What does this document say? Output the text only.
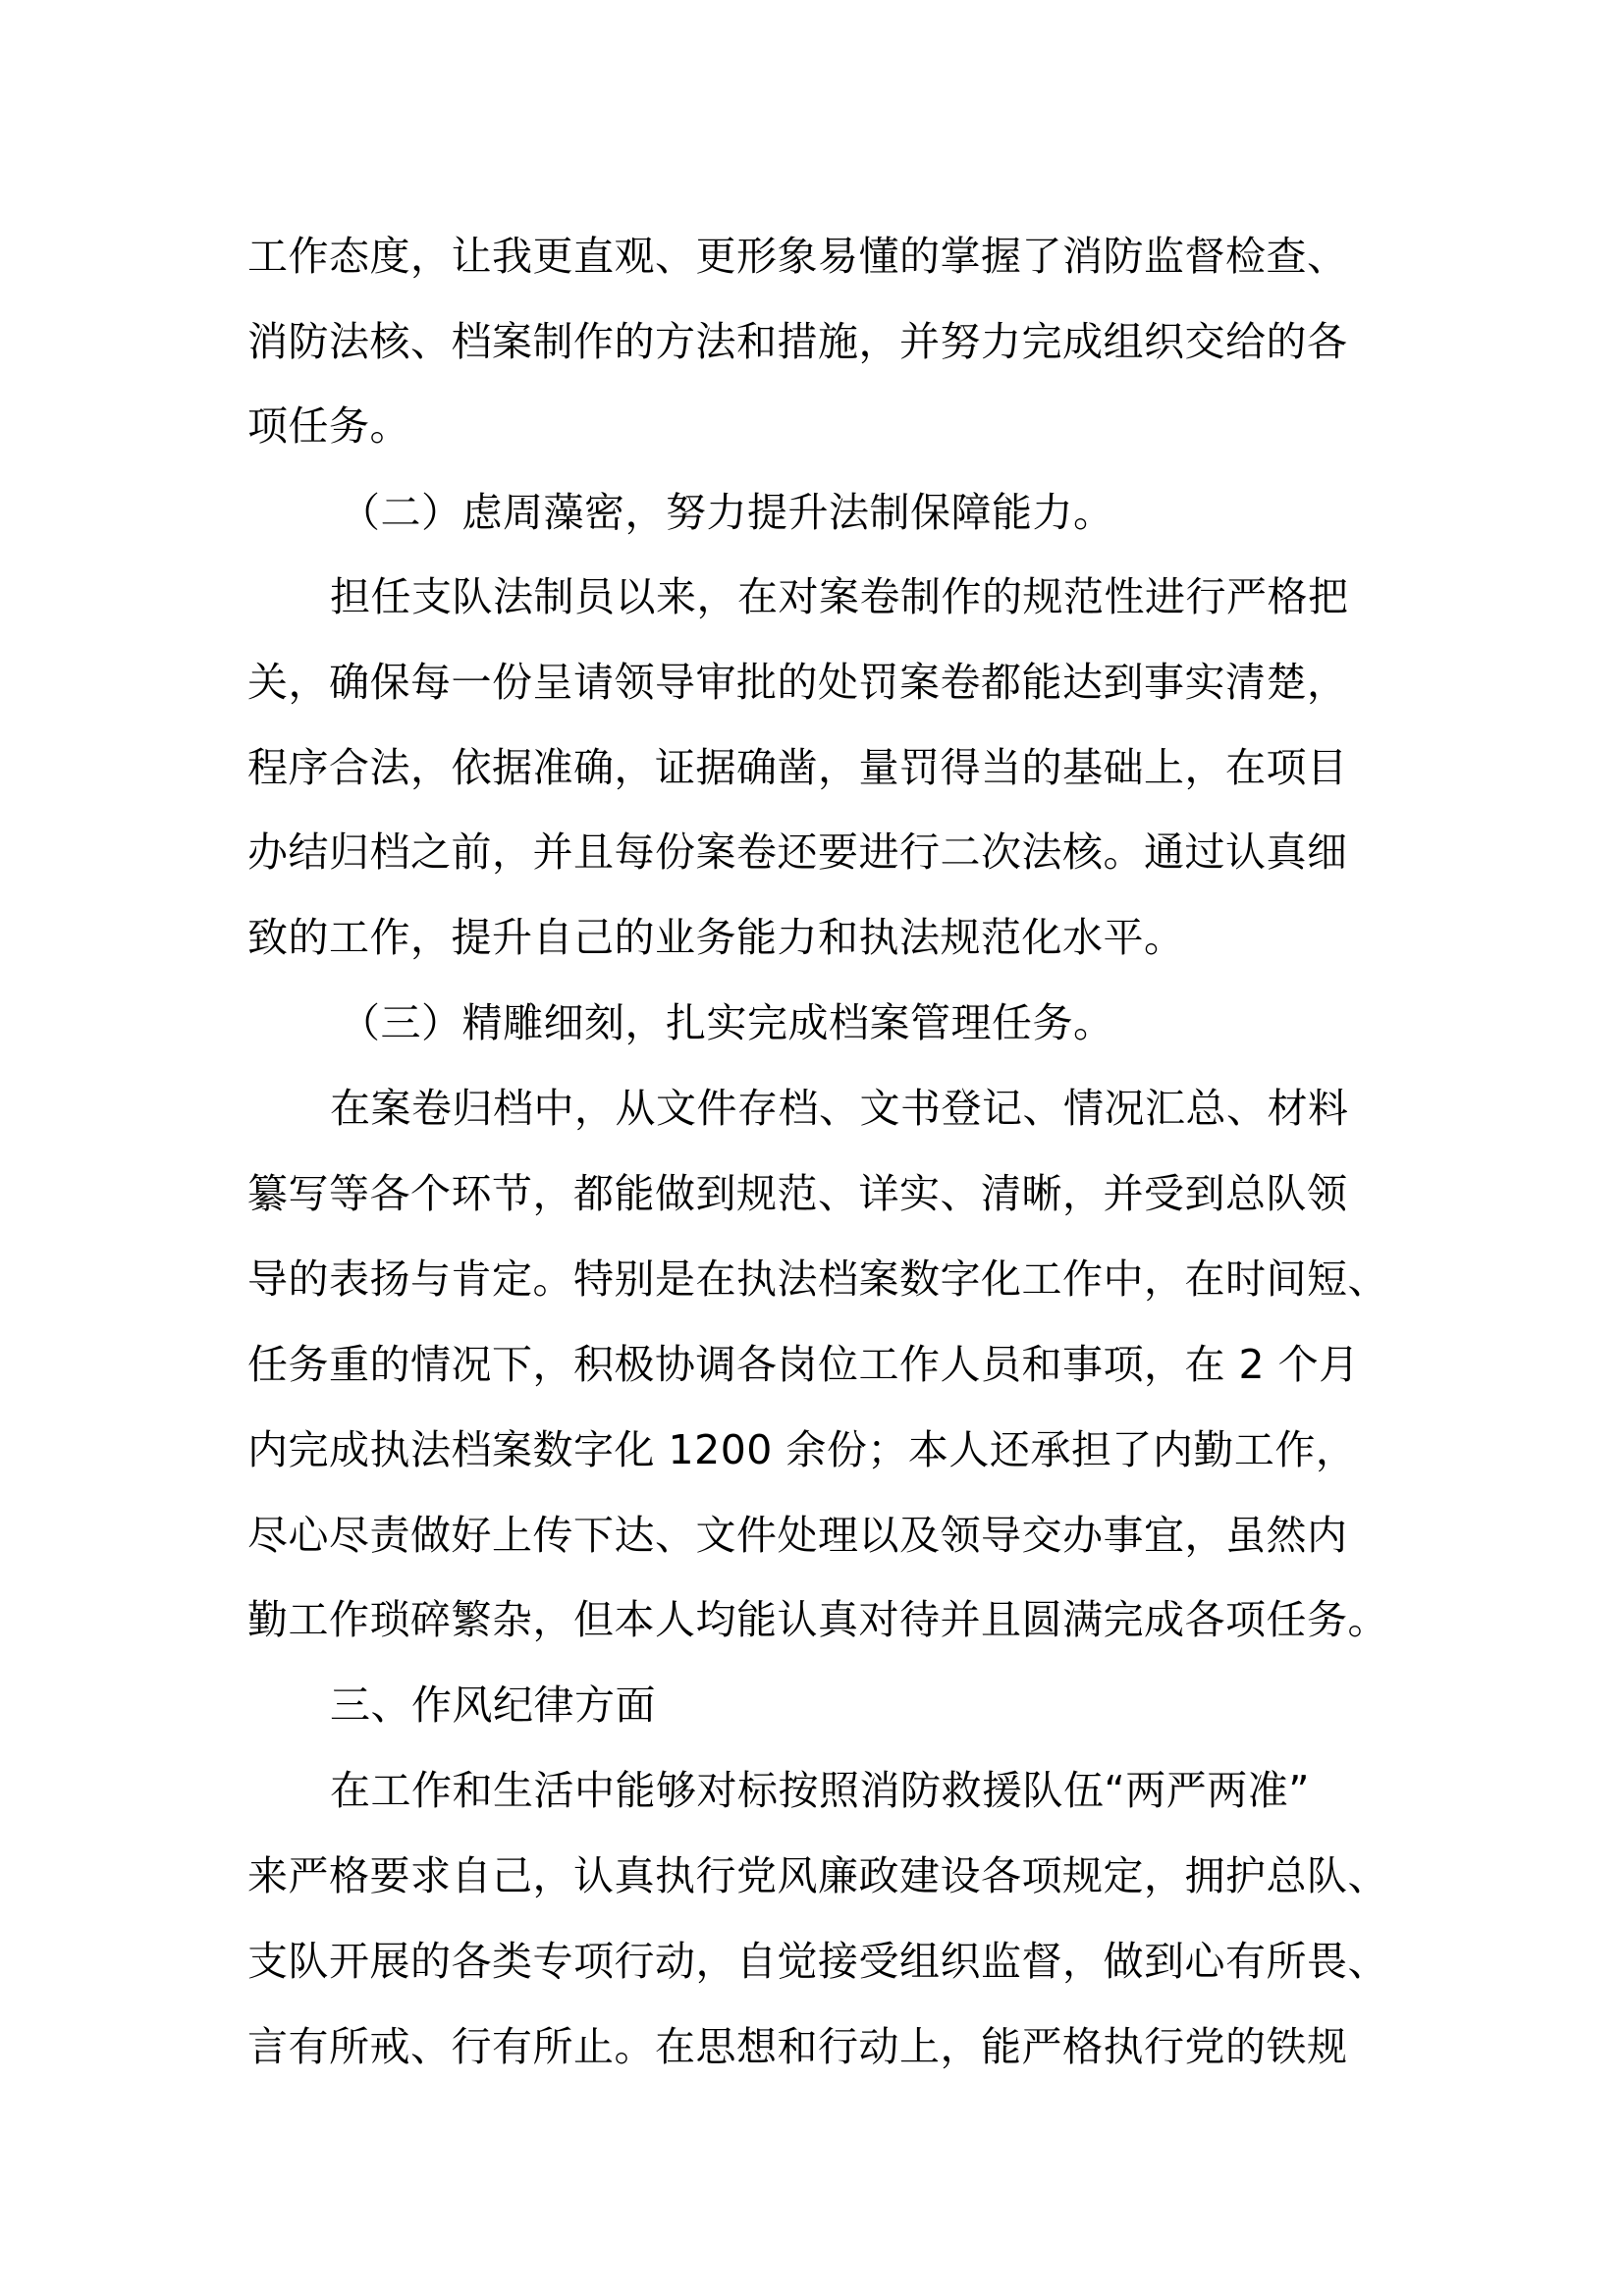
工作态度，让我更直观、更形象易懂的掌握了消防监督检查、
消防法核、档案制作的方法和措施，并努力完成组织交给的各
项任务。
（二）虑周藻密，努力提升法制保障能力。
担任支队法制员以来，在对案卷制作的规范性进行严格把
关，确保每一份呈请领导审批的处罚案卷都能达到事实清楚，
程序合法，依据准确，证据确凿，量罚得当的基础上，在项目
办结归档之前，并且每份案卷还要进行二次法核。通过认真细
致的工作，提升自己的业务能力和执法规范化水平。
（三）精雕细刻，扎实完成档案管理任务。
在案卷归档中，从文件存档、文书登记、情况汇总、材料
纂写等各个环节，都能做到规范、详实、清晰，并受到总队领
导的表扬与肯定。特别是在执法档案数字化工作中，在时间短、
任务重的情况下，积极协调各岗位工作人员和事项，在 2 个月
内完成执法档案数字化 1200 余份；本人还承担了内勤工作，
尽心尽责做好上传下达、文件处理以及领导交办事宜，虽然内
勤工作琐碎繁杂，但本人均能认真对待并且圆满完成各项任务。
三、作风纪律方面
在工作和生活中能够对标按照消防救援队伍“两严两准”
来严格要求自己，认真执行党风廉政建设各项规定，拥护总队、
支队开展的各类专项行动，自觉接受组织监督，做到心有所畏、
言有所戒、行有所止。在思想和行动上，能严格执行党的铁规
